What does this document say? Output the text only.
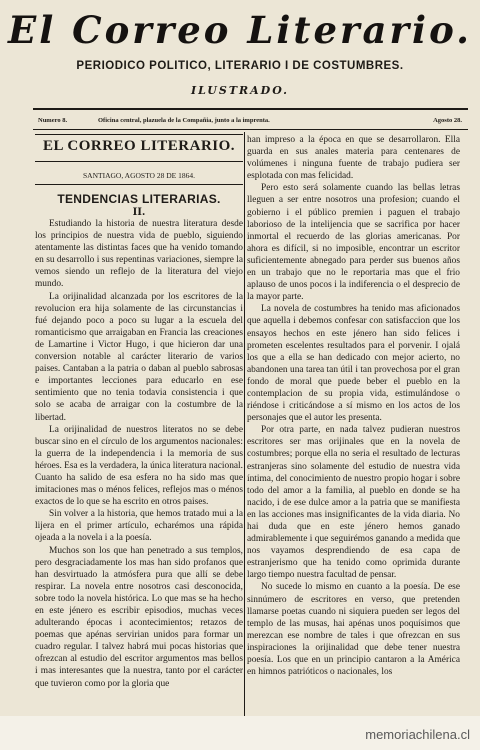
El Correo Literario.
PERIODICO POLITICO, LITERARIO I DE COSTUMBRES.
ILUSTRADO.
Numero 8.	Oficina central, plazuela de la Compañia, junto a la imprenta.	Agosto 28.
EL CORREO LITERARIO.
SANTIAGO, AGOSTO 28 DE 1864.
TENDENCIAS LITERARIAS.
II.

Estudiando la historia de nuestra literatura desde los principios de nuestra vida de pueblo, siguiendo atentamente las distintas faces que ha venido tomando en su desarrollo i sus repentinas variaciones, siempre la vemos siendo un reflejo de la literatura del viejo mundo.

La orijinalidad alcanzada por los escritores de la revolucion era hija solamente de las circunstancias i fué dejando poco a poco su lugar a la escuela del romanticismo que arraigaban en Francia las creaciones de Lamartine i Victor Hugo, i que hicieron dar una conversion notable al carácter literario de varios paises. Cantaban a la patria o daban al pueblo sabrosas e importantes lecciones para educarlo en ese sentimiento que no tenia todavia consistencia i que solo se acaba de arraigar con la costumbre de la libertad.

La orijinalidad de nuestros literatos no se debe buscar sino en el círculo de los argumentos nacionales: la guerra de la independencia i la memoria de sus héroes. Esa es la verdadera, la única literatura nacional. Cuanto ha salido de esa esfera no ha sido mas que imitaciones mas o ménos felices, reflejos mas o ménos exactos de lo que se ha escrito en otros paises.

Sin volver a la historia, que hemos tratado mui a la lijera en el primer artículo, echarémos una rápida ojeada a la novela i a la poesía.

Muchos son los que han penetrado a sus templos, pero desgraciadamente los mas han sido profanos que han desvirtuado la atmósfera pura que allí se debe respirar. La novela entre nosotros casi desconocida, sobre todo la novela histórica. Lo que mas se ha hecho en este jénero es escribir episodios, muchas veces adulterando épocas i acontecimientos; retazos de poemas que apénas servirian unidos para formar un cuadro regular. I talvez habrá mui pocas historias que ofrezcan al estudio del escritor argumentos mas bellos i mas interesantes que la nuestra, tanto por el carácter que tuvieron como por la gloria que

han impreso a la época en que se desarrollaron. Ella guarda en sus anales materia para centenares de volúmenes i ninguna fuente de trabajo pudiera ser esplotada con mas felicidad.

Pero esto será solamente cuando las bellas letras lleguen a ser entre nosotros una profesion; cuando el gobierno i el público premien i paguen el trabajo laborioso de la intelijencia que se sacrifica por hacer inmortal el recuerdo de las glorias americanas. Por ahora es difícil, si no imposible, encontrar un escritor suficientemente abnegado para perder sus buenos años en un trabajo que no le reportaria mas que el frio aplauso de unos pocos i la indiferencia o el desprecio de la mayor parte.

La novela de costumbres ha tenido mas aficionados que aquella i debemos confesar con satisfaccion que los ensayos hechos en este jénero han sido felices i prometen escelentes resultados para el porvenir. I ojalá los que a ella se han dedicado con mejor acierto, no abandonen una tarea tan útil i tan provechosa por el gran fondo de moral que puede beber el pueblo en la contemplacion de su propia vida, estimulándose o riéndose i criticándose a sí mismo en los actos de los personajes que el autor les presenta.

Por otra parte, en nada talvez pudieran nuestros escritores ser mas orijinales que en la novela de costumbres; porque ella no seria el resultado de lecturas estranjeras sino solamente del estudio de nuestra vida íntima, del conocimiento de nuestro propio hogar i sobre todo del amor a la familia, al pueblo en donde se ha nacido, i de ese dulce amor a la patria que se manifiesta en las acciones mas insignificantes de la vida diaria. No hai duda que en este jénero hemos ganado admirablemente i que seguirémos ganando a medida que nos vayamos desprendiendo de esa capa de estranjerismo que ha tenido como oprimida durante largo tiempo nuestra facultad de pensar.

No sucede lo mismo en cuanto a la poesía. De ese sinnúmero de escritores en verso, que pretenden llamarse poetas cuando ni siquiera pueden ser legos del templo de las musas, hai apénas unos poquísimos que merezcan ese nombre de tales i que ofrezcan en sus inspiraciones la orijinalidad que debe tener nuestra poesía. Los que en un principio cantaron a la América en himnos patrióticos o nacionales, los

memoriachilena.cl
